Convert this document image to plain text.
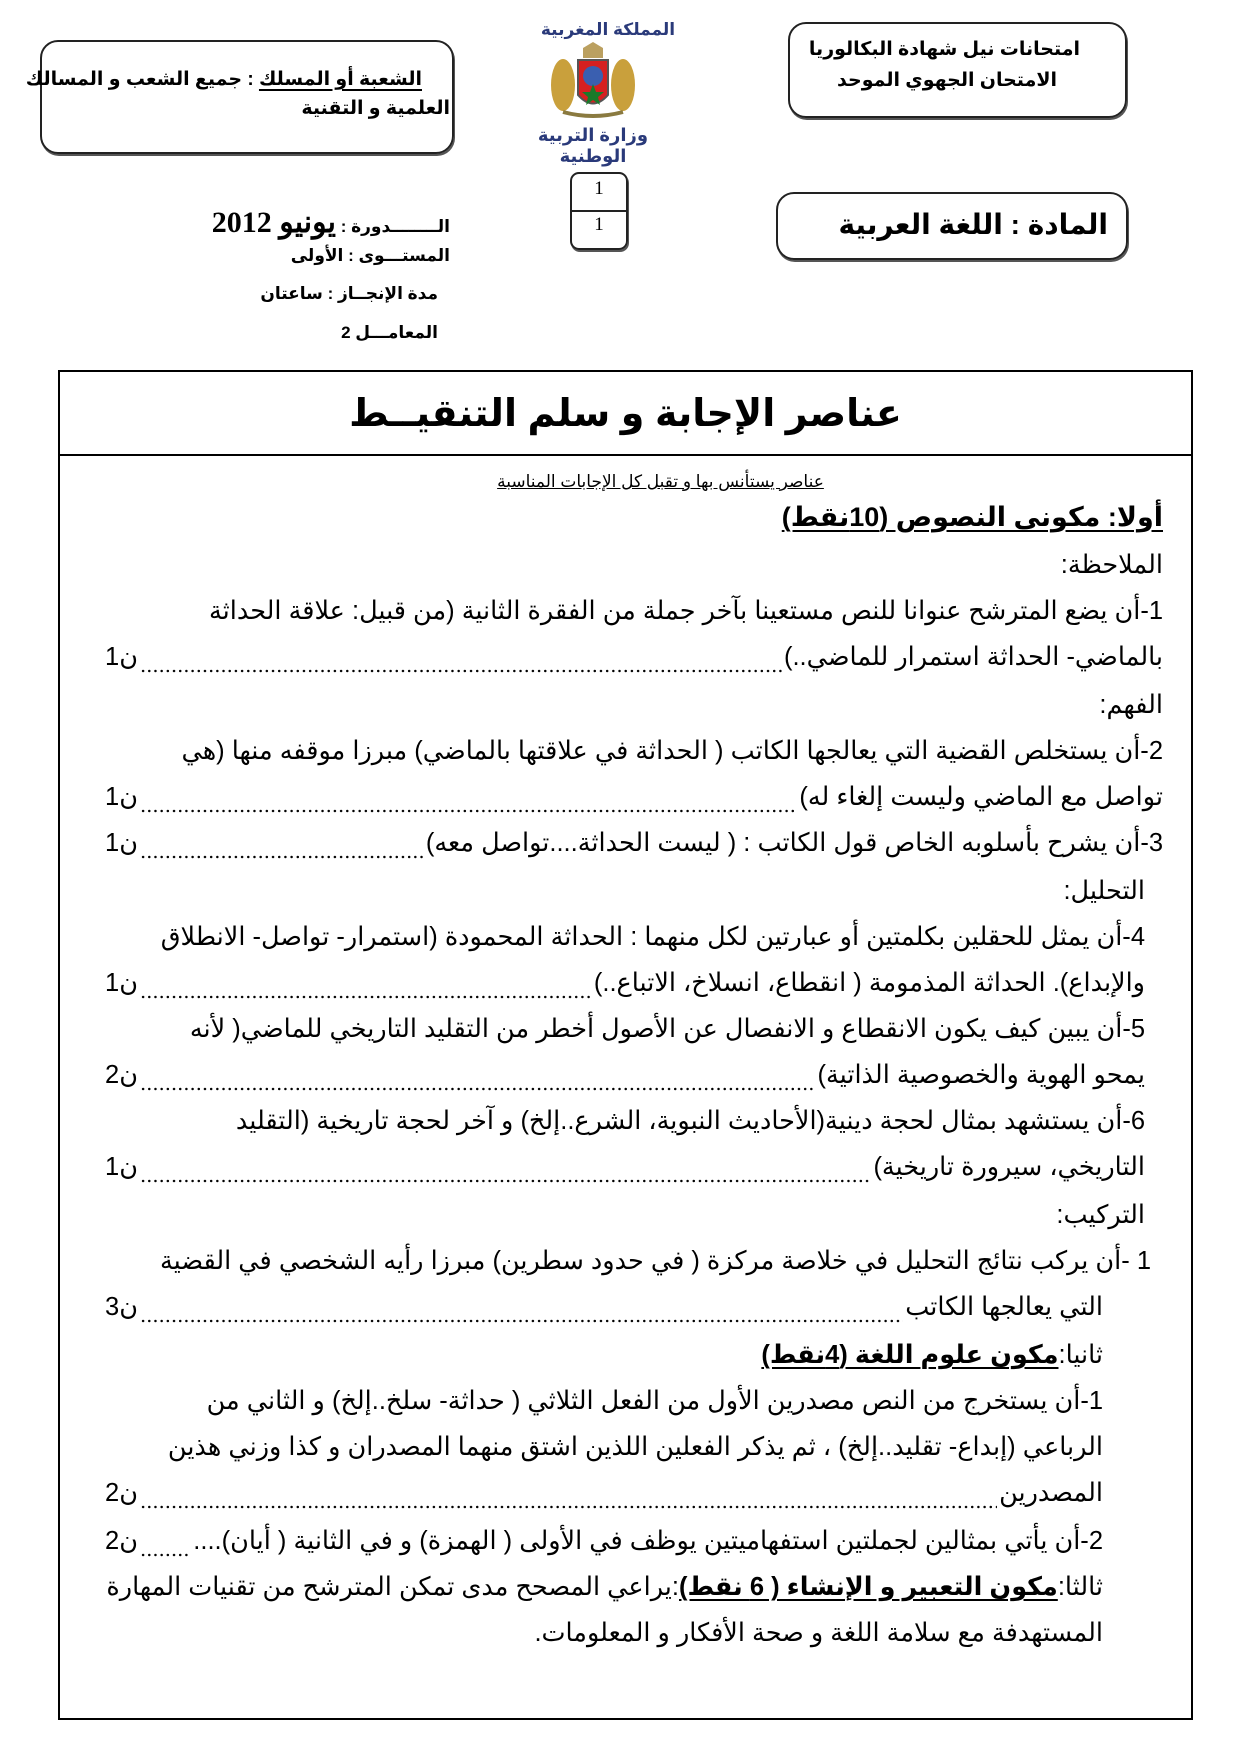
امتحانات نيل شهادة البكالوريا
الامتحان الجهوي الموحد
الشعبة أو المسلك : جميع الشعب و المسالك
العلمية و التقنية
المملكة المغربية
وزارة التربية الوطنية
1
1	المادة : اللغة العربية
الــــــــدورة : يونيو 2012
المستـــوى : الأولى
مدة الإنجــاز : ساعتان
المعامـــل 2
عناصر الإجابة و سلم التنقيــط
عناصر يستأنس بها و تقبل كل الإجابات المناسبة
أولا: مكونى النصوص (10نقط)
الملاحظة:
1-أن يضع المترشح عنوانا للنص مستعينا بآخر جملة من الفقرة الثانية (من قبيل: علاقة الحداثة
بالماضي- الحداثة استمرار للماضي..)
1ن
الفهم:
2-أن يستخلص القضية التي يعالجها الكاتب ( الحداثة في علاقتها بالماضي) مبرزا موقفه منها (هي
تواصل مع الماضي وليست إلغاء له)
1ن
3-أن يشرح بأسلوبه الخاص قول الكاتب : ( ليست الحداثة....تواصل معه)
1ن
التحليل:
4-أن يمثل للحقلين بكلمتين أو عبارتين لكل منهما : الحداثة المحمودة (استمرار- تواصل- الانطلاق
والإبداع). الحداثة المذمومة ( انقطاع، انسلاخ، الاتباع..)
1ن
5-أن يبين كيف يكون الانقطاع و الانفصال عن الأصول أخطر من التقليد التاريخي للماضي( لأنه
يمحو الهوية والخصوصية الذاتية)
2ن
6-أن يستشهد بمثال لحجة دينية(الأحاديث النبوية، الشرع..إلخ) و آخر لحجة تاريخية (التقليد
التاريخي، سيرورة تاريخية)
1ن
التركيب:
1 -أن يركب نتائج التحليل في خلاصة مركزة ( في حدود سطرين) مبرزا رأيه الشخصي في القضية
التي يعالجها الكاتب
3ن
ثانيا:
مكون علوم اللغة (4نقط)
1-أن يستخرج من النص مصدرين الأول من الفعل الثلاثي ( حداثة- سلخ..إلخ) و الثاني من
الرباعي (إبداع- تقليد..إلخ) ، ثم يذكر الفعلين اللذين اشتق منهما المصدران و كذا وزني هذين
المصدرين
2ن
2-أن يأتي بمثالين لجملتين استفهاميتين يوظف في الأولى ( الهمزة) و في الثانية ( أيان)....
2ن
ثالثا:
مكون التعبير و الإنشاء ( 6 نقط)
:يراعي المصحح مدى تمكن المترشح من تقنيات المهارة
المستهدفة مع سلامة اللغة و صحة الأفكار و المعلومات.
